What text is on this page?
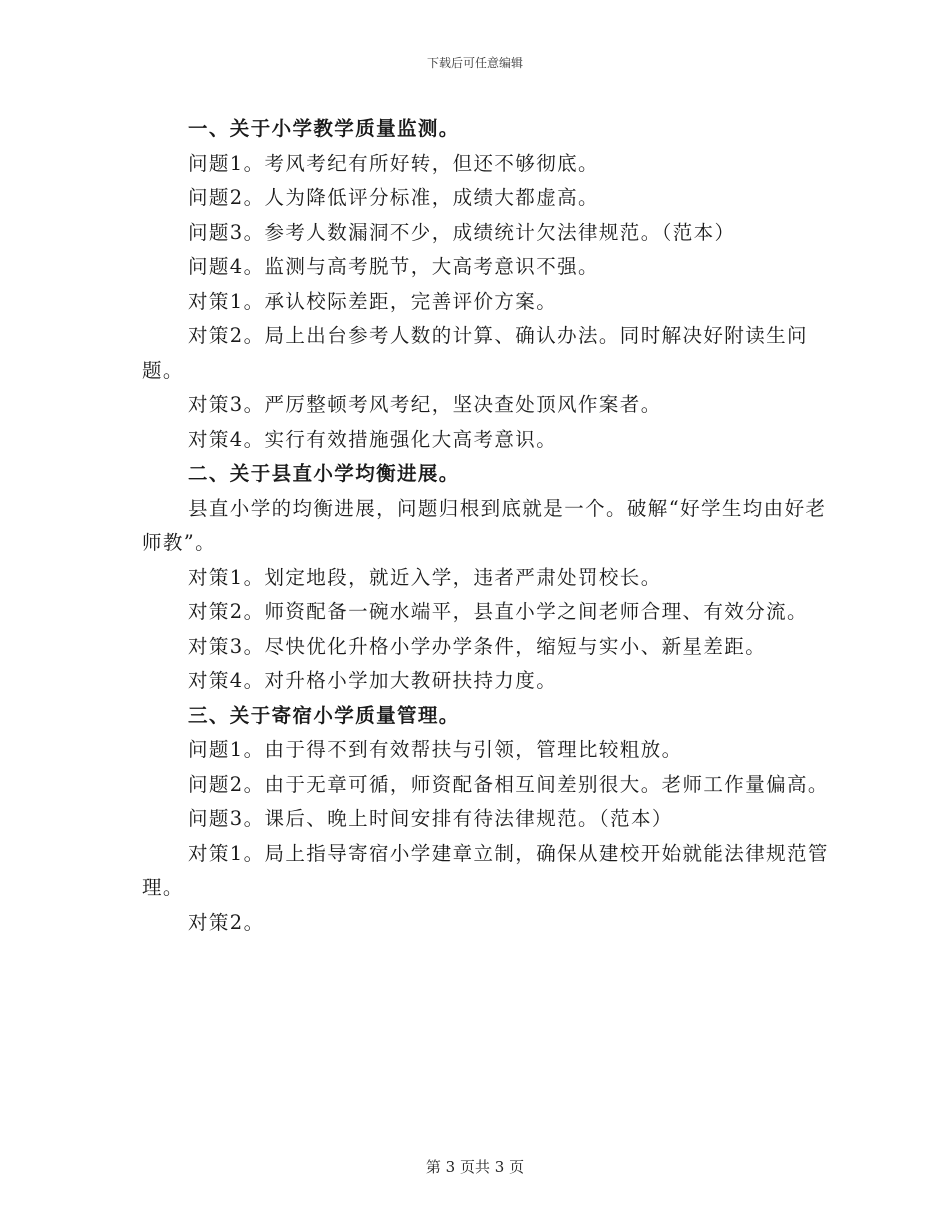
下载后可任意编辑

一、关于小学教学质量监测。

问题1。考风考纪有所好转，但还不够彻底。

问题2。人为降低评分标准，成绩大都虚高。

问题3。参考人数漏洞不少，成绩统计欠法律规范。（范本）

问题4。监测与高考脱节，大高考意识不强。

对策1。承认校际差距，完善评价方案。

对策2。局上出台参考人数的计算、确认办法。同时解决好附读生问题。

对策3。严厉整顿考风考纪，坚决查处顶风作案者。

对策4。实行有效措施强化大高考意识。

二、关于县直小学均衡进展。

县直小学的均衡进展，问题归根到底就是一个。破解“好学生均由好老师教”。

对策1。划定地段，就近入学，违者严肃处罚校长。

对策2。师资配备一碗水端平，县直小学之间老师合理、有效分流。

对策3。尽快优化升格小学办学条件，缩短与实小、新星差距。

对策4。对升格小学加大教研扶持力度。

三、关于寄宿小学质量管理。

问题1。由于得不到有效帮扶与引领，管理比较粗放。

问题2。由于无章可循，师资配备相互间差别很大。老师工作量偏高。

问题3。课后、晚上时间安排有待法律规范。（范本）

对策1。局上指导寄宿小学建章立制，确保从建校开始就能法律规范管理。

对策2。

第 3 页共 3 页
